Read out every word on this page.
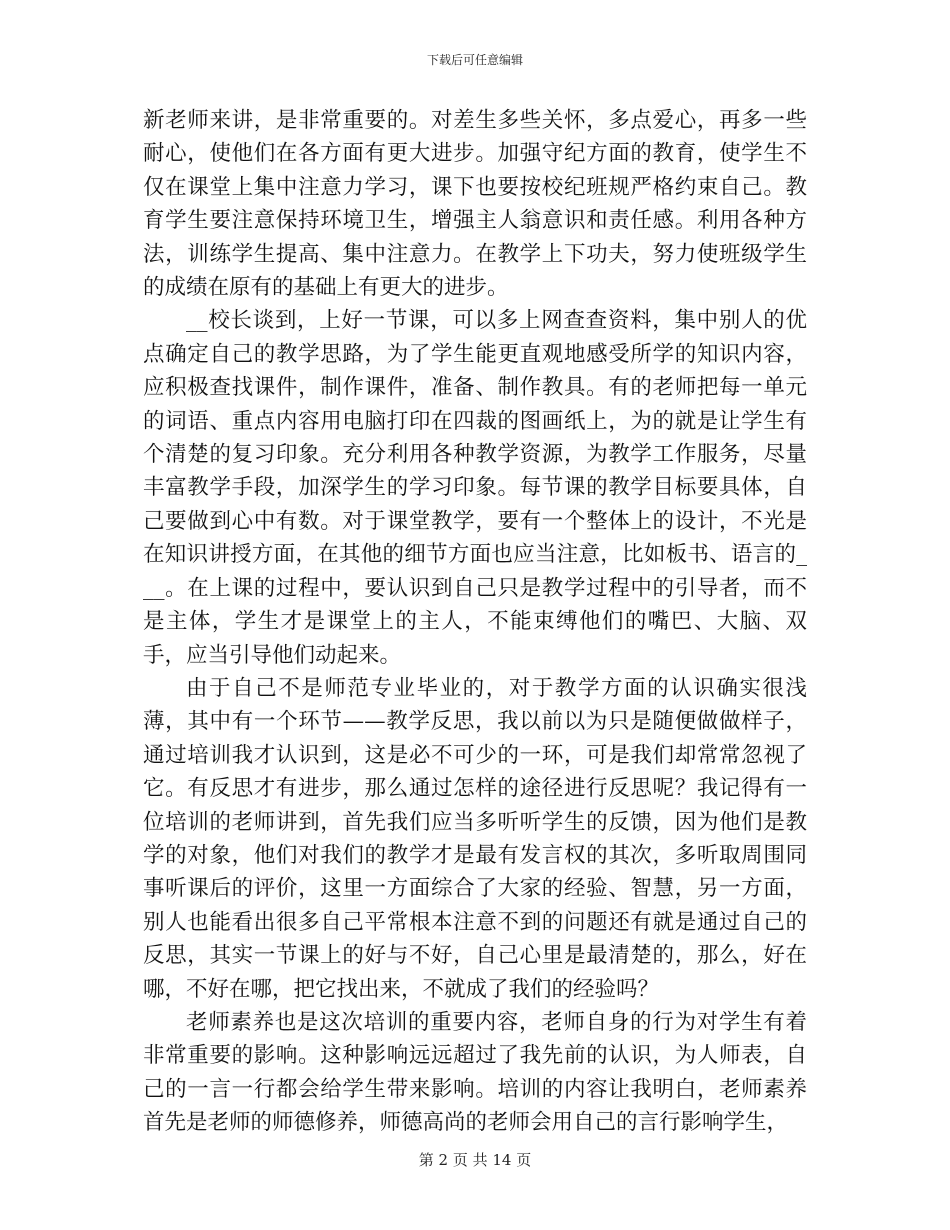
下载后可任意编辑

新老师来讲，是非常重要的。对差生多些关怀，多点爱心，再多一些耐心，使他们在各方面有更大进步。加强守纪方面的教育，使学生不仅在课堂上集中注意力学习，课下也要按校纪班规严格约束自己。教育学生要注意保持环境卫生，增强主人翁意识和责任感。利用各种方法，训练学生提高、集中注意力。在教学上下功夫，努力使班级学生的成绩在原有的基础上有更大的进步。

__校长谈到，上好一节课，可以多上网查查资料，集中别人的优点确定自己的教学思路，为了学生能更直观地感受所学的知识内容，应积极查找课件，制作课件，准备、制作教具。有的老师把每一单元的词语、重点内容用电脑打印在四裁的图画纸上，为的就是让学生有个清楚的复习印象。充分利用各种教学资源，为教学工作服务，尽量丰富教学手段，加深学生的学习印象。每节课的教学目标要具体，自己要做到心中有数。对于课堂教学，要有一个整体上的设计，不光是在知识讲授方面，在其他的细节方面也应当注意，比如板书、语言的___。在上课的过程中，要认识到自己只是教学过程中的引导者，而不是主体，学生才是课堂上的主人，不能束缚他们的嘴巴、大脑、双手，应当引导他们动起来。

由于自己不是师范专业毕业的，对于教学方面的认识确实很浅薄，其中有一个环节——教学反思，我以前以为只是随便做做样子，通过培训我才认识到，这是必不可少的一环，可是我们却常常忽视了它。有反思才有进步，那么通过怎样的途径进行反思呢？我记得有一位培训的老师讲到，首先我们应当多听听学生的反馈，因为他们是教学的对象，他们对我们的教学才是最有发言权的其次，多听取周围同事听课后的评价，这里一方面综合了大家的经验、智慧，另一方面，别人也能看出很多自己平常根本注意不到的问题还有就是通过自己的反思，其实一节课上的好与不好，自己心里是最清楚的，那么，好在哪，不好在哪，把它找出来，不就成了我们的经验吗？

老师素养也是这次培训的重要内容，老师自身的行为对学生有着非常重要的影响。这种影响远远超过了我先前的认识，为人师表，自己的一言一行都会给学生带来影响。培训的内容让我明白，老师素养首先是老师的师德修养，师德高尚的老师会用自己的言行影响学生，

第 2 页 共 14 页
